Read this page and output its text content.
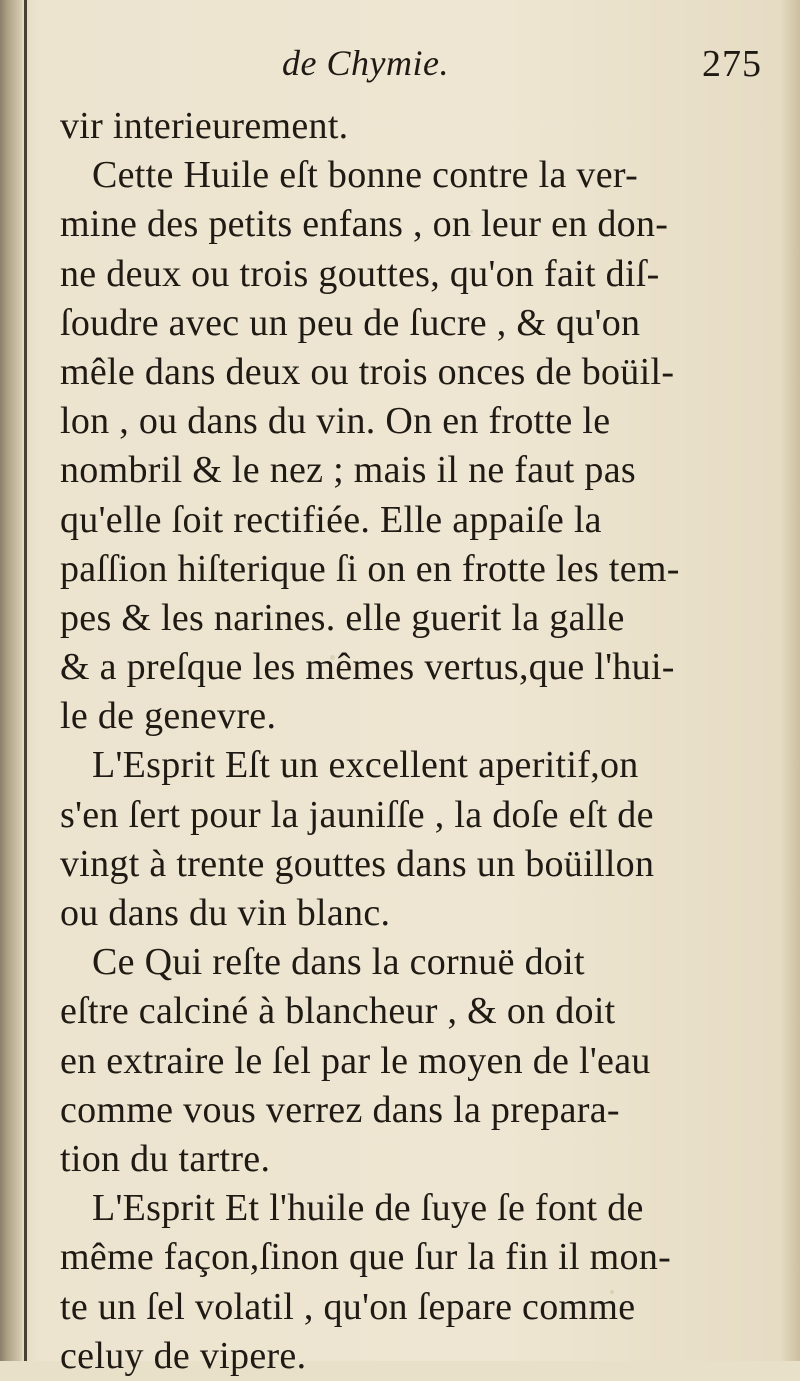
de Chymie.	275
vir interieurement.
Cette Huile eſt bonne contre la ver-
mine des petits enfans , on leur en don-
ne deux ou trois gouttes, qu'on fait diſ-
ſoudre avec un peu de ſucre , & qu'on
mêle dans deux ou trois onces de boüil-
lon , ou dans du vin. On en frotte le
nombril & le nez ; mais il ne faut pas
qu'elle ſoit rectifiée. Elle appaiſe la
paſſion hiſterique ſi on en frotte les tem-
pes & les narines. elle guerit la galle
& a preſque les mêmes vertus,que l'hui-
le de genevre.
L'Esprit Eſt un excellent aperitif,on
s'en ſert pour la jauniſſe , la doſe eſt de
vingt à trente gouttes dans un boüillon
ou dans du vin blanc.
Ce Qui reſte dans la cornuë doit
eſtre calciné à blancheur , & on doit
en extraire le ſel par le moyen de l'eau
comme vous verrez dans la prepara-
tion du tartre.
L'Esprit Et l'huile de ſuye ſe font de
même façon,ſinon que ſur la fin il mon-
te un ſel volatil , qu'on ſepare comme
celuy de vipere.
